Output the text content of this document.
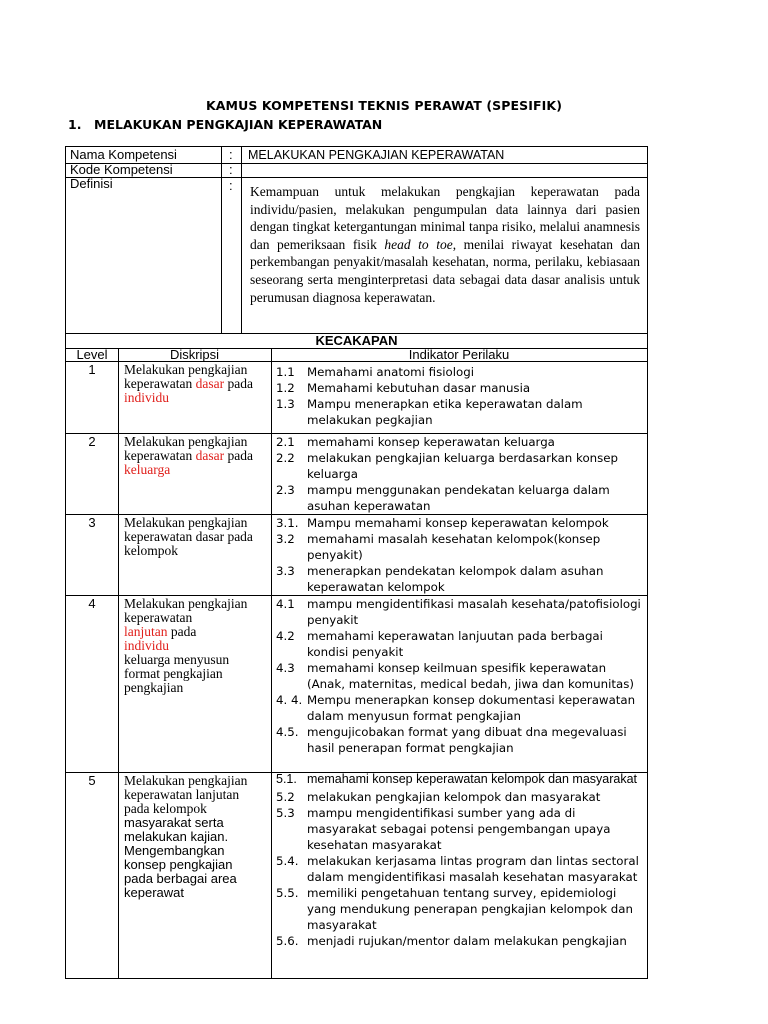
KAMUS KOMPETENSI TEKNIS PERAWAT (SPESIFIK)
1. MELAKUKAN PENGKAJIAN KEPERAWATAN
Nama Kompetensi	: MELAKUKAN PENGKAJIAN KEPERAWATAN
Kode Kompetensi	:
Definisi	: Kemampuan untuk melakukan pengkajian keperawatan pada individu/pasien, melakukan pengumpulan data lainnya dari pasien dengan tingkat ketergantungan minimal tanpa risiko, melalui anamnesis dan pemeriksaan fisik head to toe, menilai riwayat kesehatan dan perkembangan penyakit/masalah kesehatan, norma, perilaku, kebiasaan seseorang serta menginterpretasi data sebagai data dasar analisis untuk perumusan diagnosa keperawatan.
KECAKAPAN
Level	Diskripsi	Indikator Perilaku
1	Melakukan pengkajian keperawatan dasar pada individu
1.1 Memahami anatomi fisiologi
1.2 Memahami kebutuhan dasar manusia
1.3 Mampu menerapkan etika keperawatan dalam melakukan pegkajian
2	Melakukan pengkajian keperawatan dasar pada keluarga
2.1 memahami konsep keperawatan keluarga
2.2 melakukan pengkajian keluarga berdasarkan konsep keluarga
2.3 mampu menggunakan pendekatan keluarga dalam asuhan keperawatan
3	Melakukan pengkajian keperawatan dasar pada kelompok
3.1. Mampu memahami konsep keperawatan kelompok
3.2 memahami masalah kesehatan kelompok(konsep penyakit)
3.3 menerapkan pendekatan kelompok dalam asuhan keperawatan kelompok
4	Melakukan pengkajian keperawatan
lanjutan pada
individu
keluarga menyusun format pengkajian pengkajian
4.1 mampu mengidentifikasi masalah kesehata/patofisiologi penyakit
4.2 memahami keperawatan lanjuutan pada berbagai kondisi penyakit
4.3 memahami konsep keilmuan spesifik keperawatan (Anak, maternitas, medical bedah, jiwa dan komunitas)
4. 4. Mempu menerapkan konsep dokumentasi keperawatan dalam menyusun format pengkajian
4.5. mengujicobakan format yang dibuat dna megevaluasi hasil penerapan format pengkajian
5	Melakukan pengkajian keperawatan lanjutan pada kelompok
masyarakat serta melakukan kajian. Mengembangkan konsep pengkajian pada berbagai area keperawat
5.1. memahami konsep keperawatan kelompok dan masyarakat
5.2 melakukan pengkajian kelompok dan masyarakat
5.3 mampu mengidentifikasi sumber yang ada di masyarakat sebagai potensi pengembangan upaya kesehatan masyarakat
5.4. melakukan kerjasama lintas program dan lintas sectoral dalam mengidentifikasi masalah kesehatan masyarakat
5.5. memiliki pengetahuan tentang survey, epidemiologi yang mendukung penerapan pengkajian kelompok dan masyarakat
5.6. menjadi rujukan/mentor dalam melakukan pengkajian
